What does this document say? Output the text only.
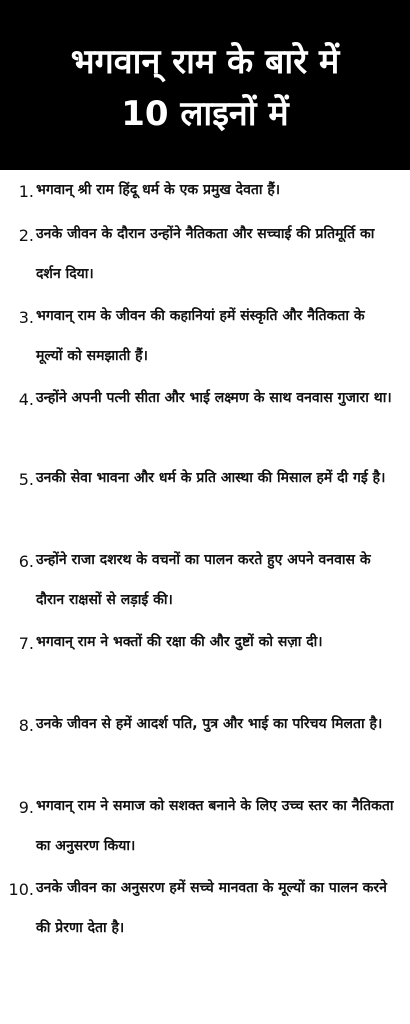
भगवान् राम के बारे में
10 लाइनों में
1. भगवान् श्री राम हिंदू धर्म के एक प्रमुख देवता हैं।
2. उनके जीवन के दौरान उन्होंने नैतिकता और सच्चाई की प्रतिमूर्ति का दर्शन दिया।
3. भगवान् राम के जीवन की कहानियां हमें संस्कृति और नैतिकता के मूल्यों को समझाती हैं।
4. उन्होंने अपनी पत्नी सीता और भाई लक्ष्मण के साथ वनवास गुजारा था।
5. उनकी सेवा भावना और धर्म के प्रति आस्था की मिसाल हमें दी गई है।
6. उन्होंने राजा दशरथ के वचनों का पालन करते हुए अपने वनवास के दौरान राक्षसों से लड़ाई की।
7. भगवान् राम ने भक्तों की रक्षा की और दुष्टों को सज़ा दी।
8. उनके जीवन से हमें आदर्श पति, पुत्र और भाई का परिचय मिलता है।
9. भगवान् राम ने समाज को सशक्त बनाने के लिए उच्च स्तर का नैतिकता का अनुसरण किया।
10. उनके जीवन का अनुसरण हमें सच्चे मानवता के मूल्यों का पालन करने की प्रेरणा देता है।
